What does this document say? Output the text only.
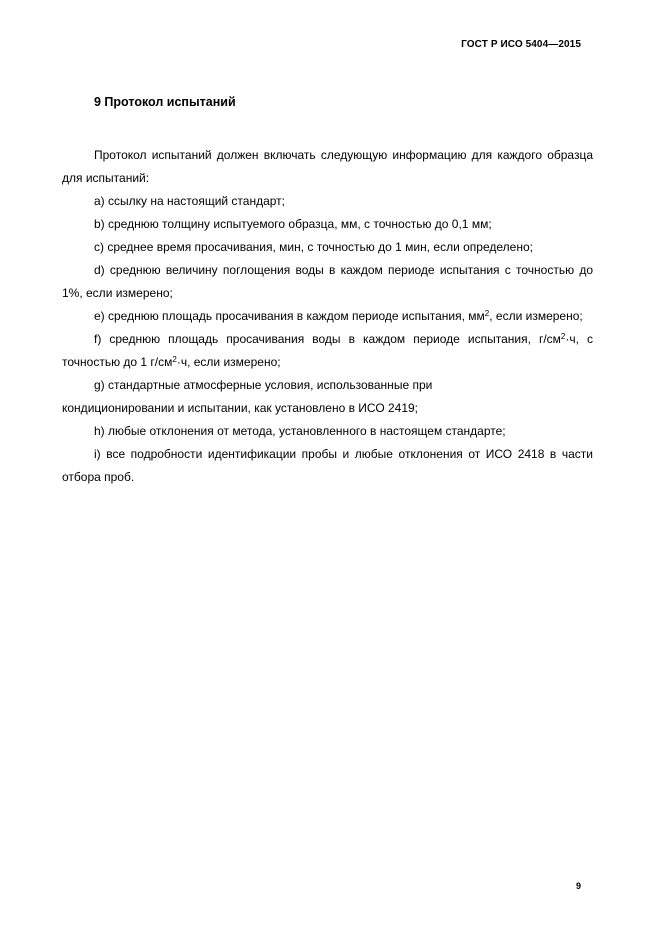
ГОСТ Р ИСО 5404—2015
9 Протокол испытаний

Протокол испытаний должен включать следующую информацию для каждого образца для испытаний:

a) ссылку на настоящий стандарт;

b) среднюю толщину испытуемого образца, мм, с точностью до 0,1 мм;

c) среднее время просачивания, мин, с точностью до 1 мин, если определено;

d) среднюю величину поглощения воды в каждом периоде испытания с точностью до 1%, если измерено;

e) среднюю площадь просачивания в каждом периоде испытания, $мм^2$, если измерено;

f) среднюю площадь просачивания воды в каждом периоде испытания, $г/см^2\cdot ч$, с точностью до 1 $г/см^2\cdot ч$, если измерено;

g) стандартные атмосферные условия, использованные при
кондиционировании и испытании, как установлено в ИСО 2419;

h) любые отклонения от метода, установленного в настоящем стандарте;

i) все подробности идентификации пробы и любые отклонения от ИСО 2418 в части отбора проб.

9
